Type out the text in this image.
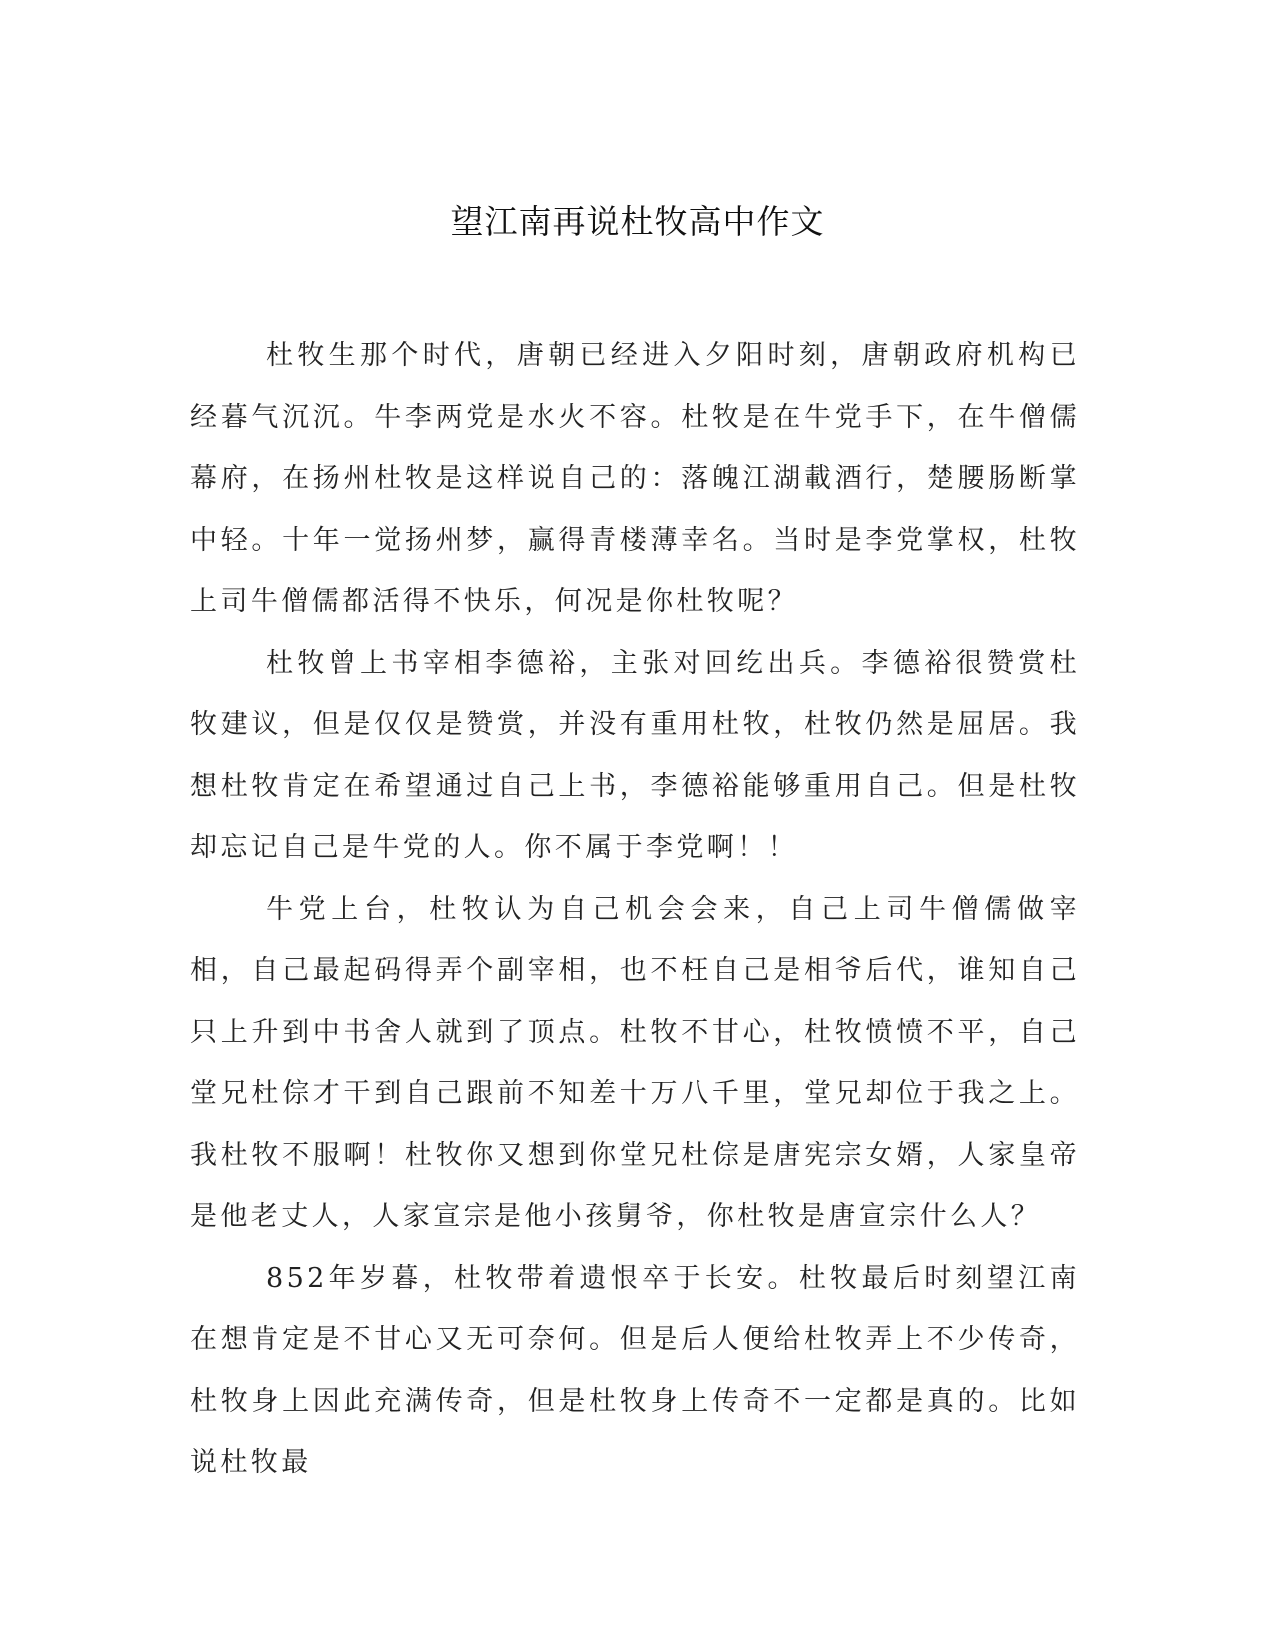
望江南再说杜牧高中作文

杜牧生那个时代，唐朝已经进入夕阳时刻，唐朝政府机构已经暮气沉沉。牛李两党是水火不容。杜牧是在牛党手下，在牛僧儒幕府，在扬州杜牧是这样说自己的：落魄江湖載酒行，楚腰肠断掌中轻。十年一觉扬州梦，赢得青楼薄幸名。当时是李党掌权，杜牧上司牛僧儒都活得不快乐，何况是你杜牧呢？

杜牧曾上书宰相李德裕，主张对回纥出兵。李德裕很赞赏杜牧建议，但是仅仅是赞赏，并没有重用杜牧，杜牧仍然是屈居。我想杜牧肯定在希望通过自己上书，李德裕能够重用自己。但是杜牧却忘记自己是牛党的人。你不属于李党啊！！

牛党上台，杜牧认为自己机会会来，自己上司牛僧儒做宰相，自己最起码得弄个副宰相，也不枉自己是相爷后代，谁知自己只上升到中书舍人就到了顶点。杜牧不甘心，杜牧愤愤不平，自己堂兄杜倧才干到自己跟前不知差十万八千里，堂兄却位于我之上。我杜牧不服啊！杜牧你又想到你堂兄杜倧是唐宪宗女婿，人家皇帝是他老丈人，人家宣宗是他小孩舅爷，你杜牧是唐宣宗什么人？

852年岁暮，杜牧带着遗恨卒于长安。杜牧最后时刻望江南在想肯定是不甘心又无可奈何。但是后人便给杜牧弄上不少传奇，杜牧身上因此充满传奇，但是杜牧身上传奇不一定都是真的。比如说杜牧最
